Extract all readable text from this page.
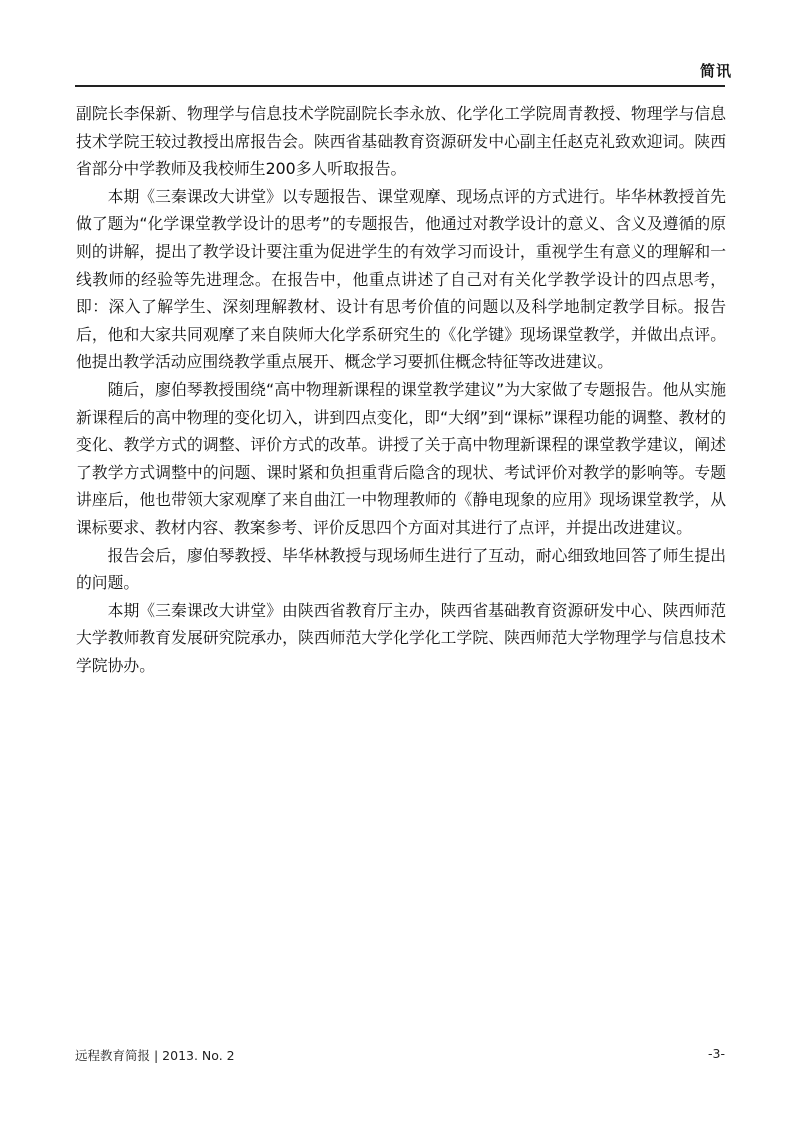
简讯

副院长李保新、物理学与信息技术学院副院长李永放、化学化工学院周青教授、物理学与信息技术学院王较过教授出席报告会。陕西省基础教育资源研发中心副主任赵克礼致欢迎词。陕西省部分中学教师及我校师生200多人听取报告。

本期《三秦课改大讲堂》以专题报告、课堂观摩、现场点评的方式进行。毕华林教授首先做了题为“化学课堂教学设计的思考”的专题报告，他通过对教学设计的意义、含义及遵循的原则的讲解，提出了教学设计要注重为促进学生的有效学习而设计，重视学生有意义的理解和一线教师的经验等先进理念。在报告中，他重点讲述了自己对有关化学教学设计的四点思考，即：深入了解学生、深刻理解教材、设计有思考价值的问题以及科学地制定教学目标。报告后，他和大家共同观摩了来自陕师大化学系研究生的《化学键》现场课堂教学，并做出点评。他提出教学活动应围绕教学重点展开、概念学习要抓住概念特征等改进建议。

随后，廖伯琴教授围绕“高中物理新课程的课堂教学建议”为大家做了专题报告。他从实施新课程后的高中物理的变化切入，讲到四点变化，即“大纲”到“课标”课程功能的调整、教材的变化、教学方式的调整、评价方式的改革。讲授了关于高中物理新课程的课堂教学建议，阐述了教学方式调整中的问题、课时紧和负担重背后隐含的现状、考试评价对教学的影响等。专题讲座后，他也带领大家观摩了来自曲江一中物理教师的《静电现象的应用》现场课堂教学，从课标要求、教材内容、教案参考、评价反思四个方面对其进行了点评，并提出改进建议。

报告会后，廖伯琴教授、毕华林教授与现场师生进行了互动，耐心细致地回答了师生提出的问题。

本期《三秦课改大讲堂》由陕西省教育厅主办，陕西省基础教育资源研发中心、陕西师范大学教师教育发展研究院承办，陕西师范大学化学化工学院、陕西师范大学物理学与信息技术学院协办。

远程教育简报 | 2013. No. 2	-3-
